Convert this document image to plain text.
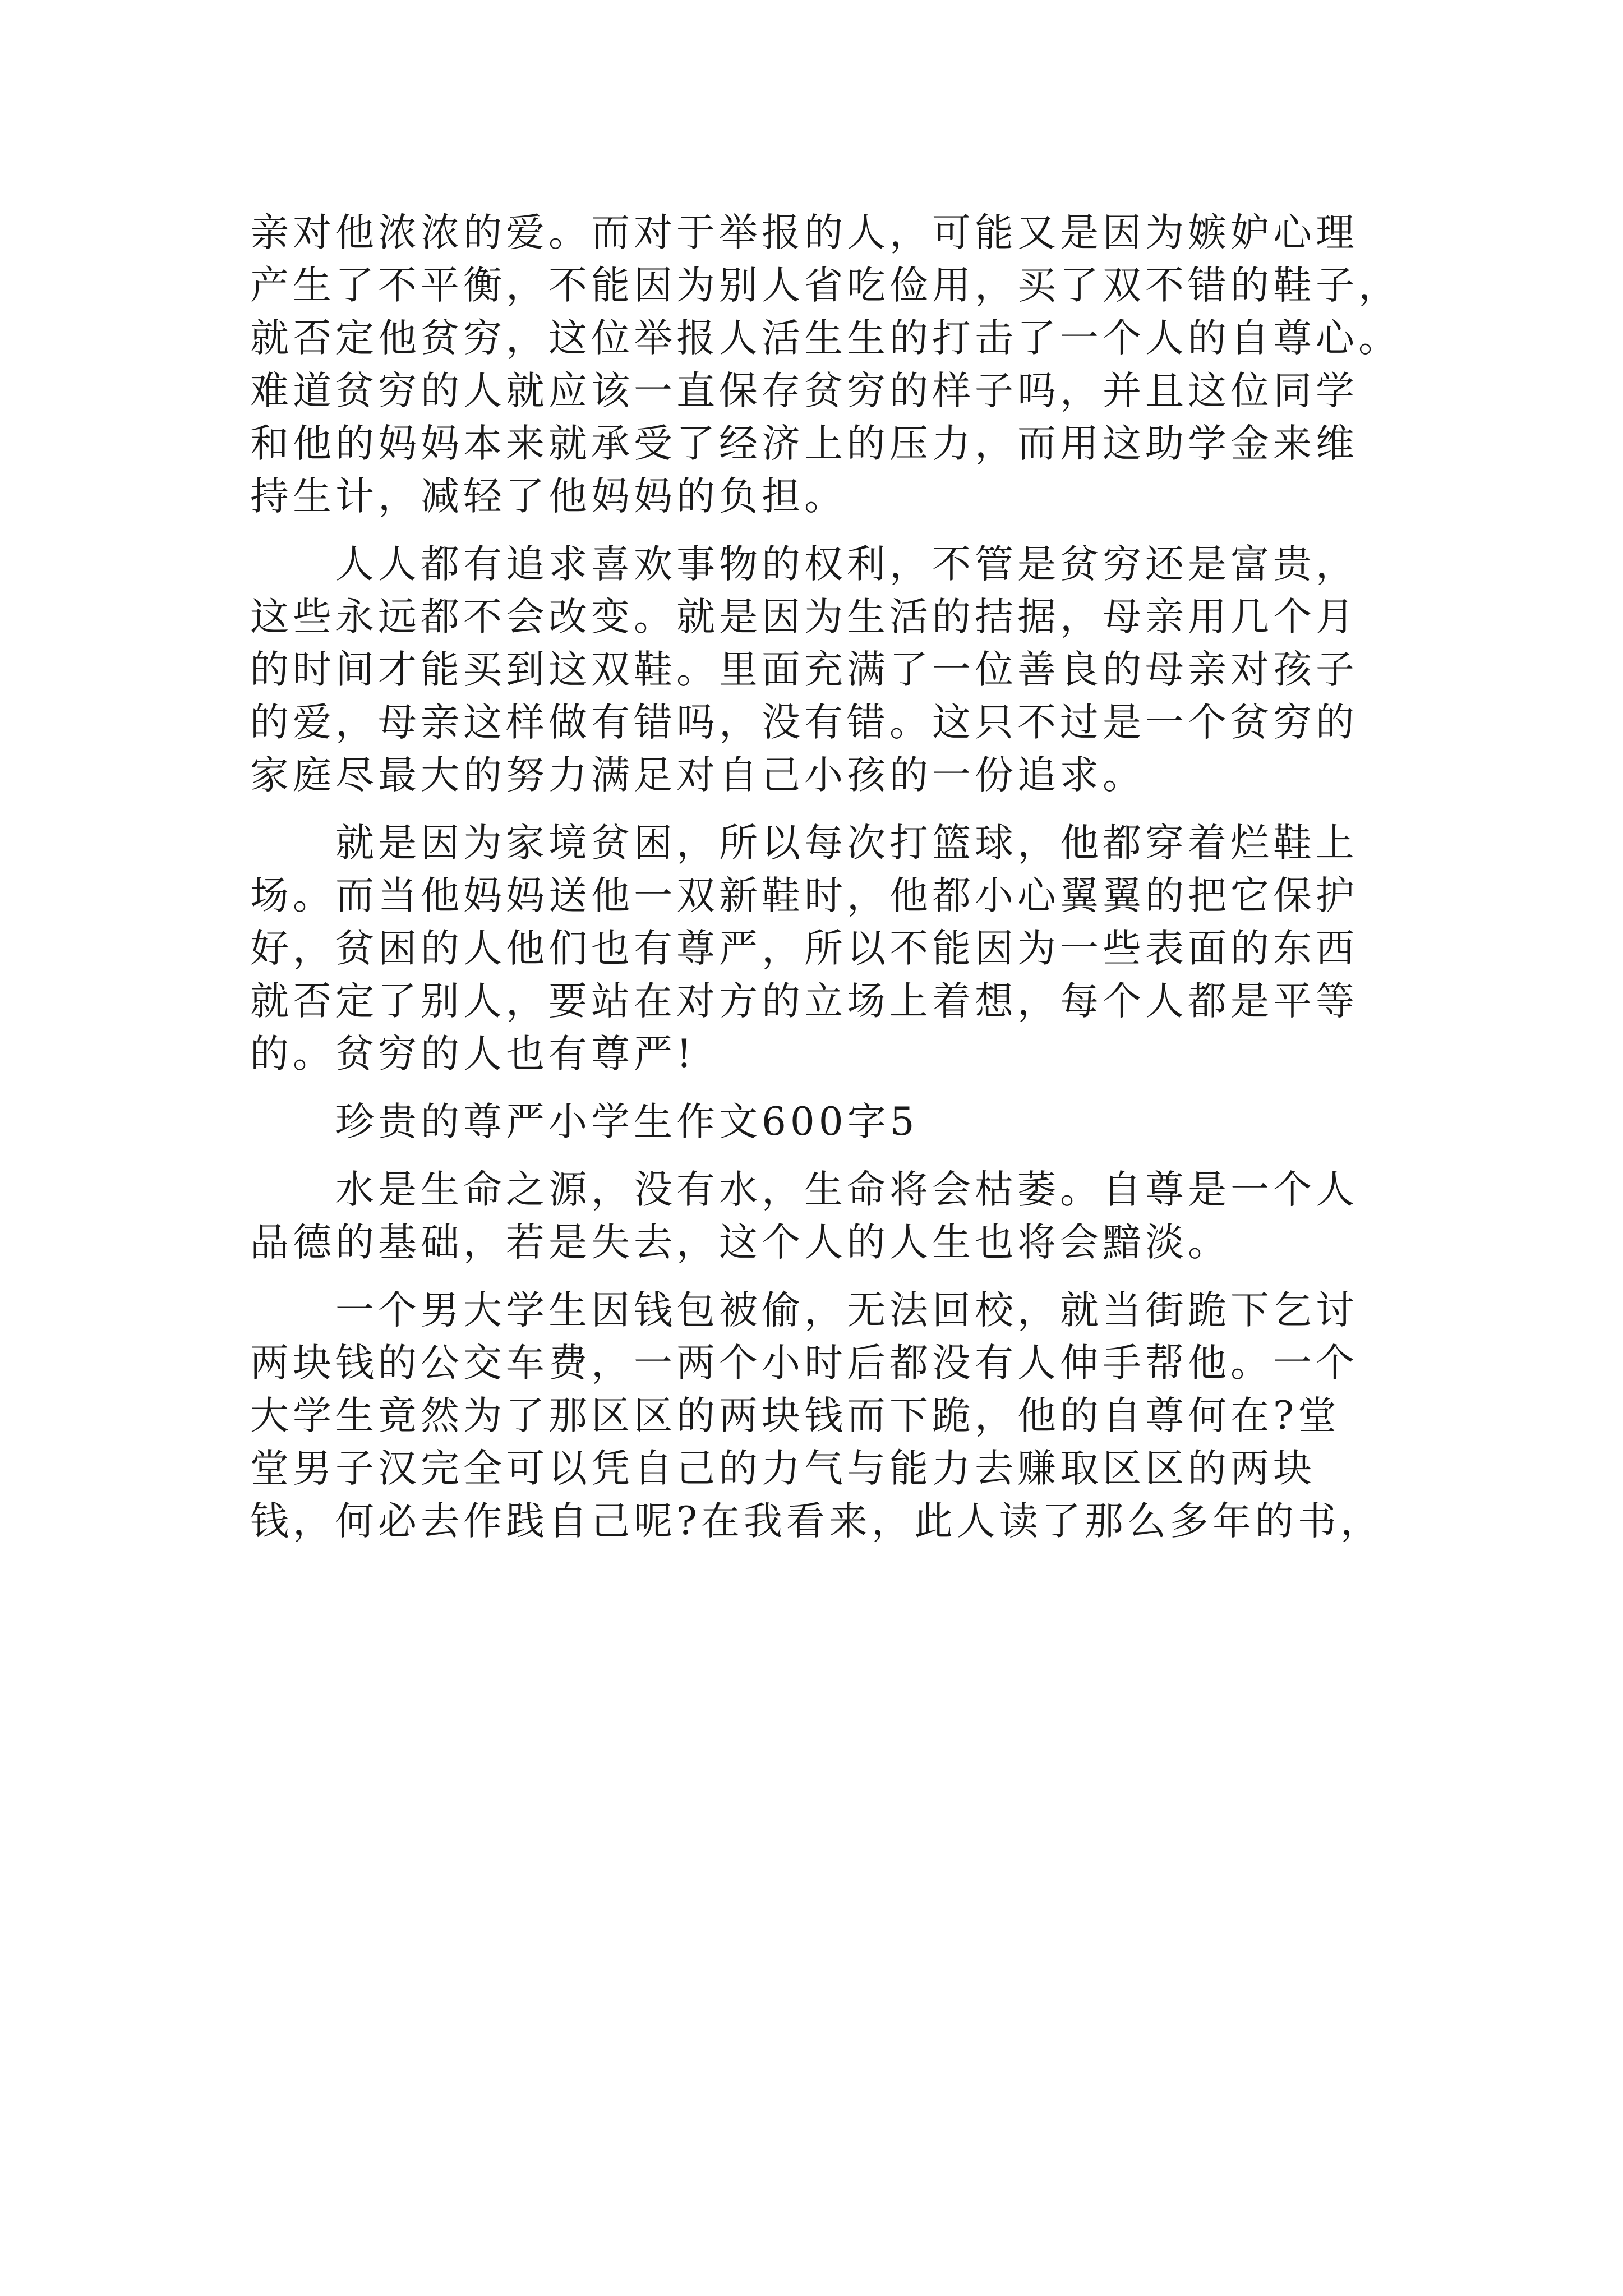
亲对他浓浓的爱。而对于举报的人，可能又是因为嫉妒心理
产生了不平衡，不能因为别人省吃俭用，买了双不错的鞋子，
就否定他贫穷，这位举报人活生生的打击了一个人的自尊心。
难道贫穷的人就应该一直保存贫穷的样子吗，并且这位同学
和他的妈妈本来就承受了经济上的压力，而用这助学金来维
持生计，减轻了他妈妈的负担。
人人都有追求喜欢事物的权利，不管是贫穷还是富贵，
这些永远都不会改变。就是因为生活的拮据，母亲用几个月
的时间才能买到这双鞋。里面充满了一位善良的母亲对孩子
的爱，母亲这样做有错吗，没有错。这只不过是一个贫穷的
家庭尽最大的努力满足对自己小孩的一份追求。
就是因为家境贫困，所以每次打篮球，他都穿着烂鞋上
场。而当他妈妈送他一双新鞋时，他都小心翼翼的把它保护
好，贫困的人他们也有尊严，所以不能因为一些表面的东西
就否定了别人，要站在对方的立场上着想，每个人都是平等
的。贫穷的人也有尊严!
珍贵的尊严小学生作文600字5
水是生命之源，没有水，生命将会枯萎。自尊是一个人
品德的基础，若是失去，这个人的人生也将会黯淡。
一个男大学生因钱包被偷，无法回校，就当街跪下乞讨
两块钱的公交车费，一两个小时后都没有人伸手帮他。一个
大学生竟然为了那区区的两块钱而下跪，他的自尊何在?堂
堂男子汉完全可以凭自己的力气与能力去赚取区区的两块
钱，何必去作践自己呢?在我看来，此人读了那么多年的书，
